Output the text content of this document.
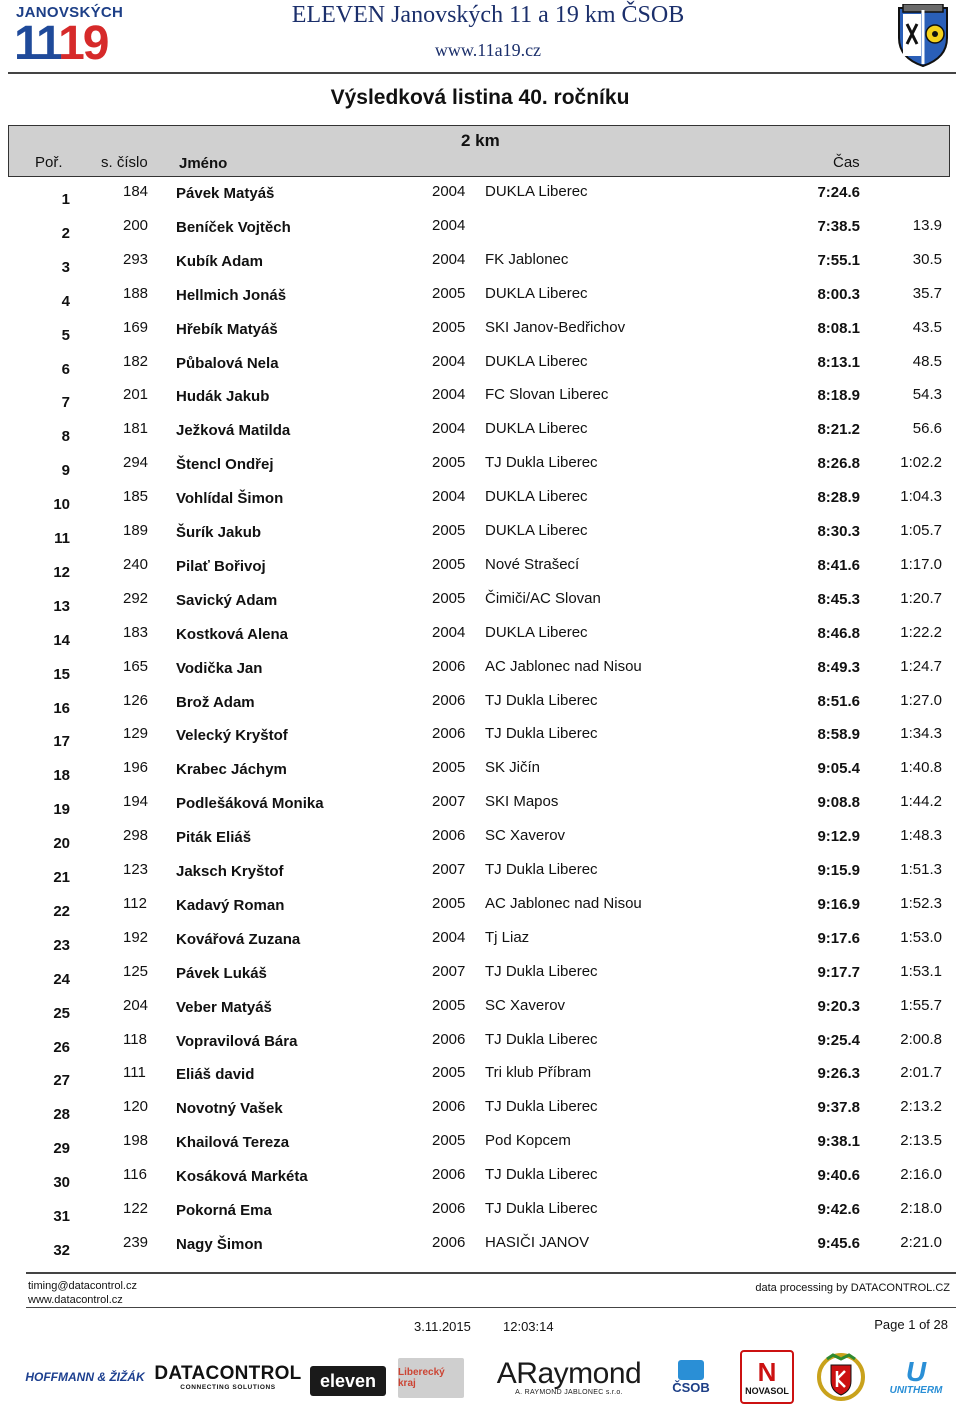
JANOVSKÝCH
1119
ELEVEN Janovských 11 a 19 km ČSOB
www.11a19.cz
Výsledková listina 40. ročníku
2 km
Poř.	s. číslo Jméno	Čas
1	184 Pávek Matyáš	2004 DUKLA Liberec	7:24.6
2	200 Beníček Vojtěch	2004	7:38.5	13.9
3	293 Kubík Adam	2004 FK Jablonec	7:55.1	30.5
4	188 Hellmich Jonáš	2005 DUKLA Liberec	8:00.3	35.7
5	169 Hřebík Matyáš	2005 SKI Janov-Bedřichov	8:08.1	43.5
6	182 Půbalová Nela	2004 DUKLA Liberec	8:13.1	48.5
7	201 Hudák Jakub	2004 FC Slovan Liberec	8:18.9	54.3
8	181 Ježková Matilda	2004 DUKLA Liberec	8:21.2	56.6
9	294 Štencl Ondřej	2005 TJ Dukla Liberec	8:26.8	1:02.2
10	185 Vohlídal Šimon	2004 DUKLA Liberec	8:28.9	1:04.3
11	189 Šurík Jakub	2005 DUKLA Liberec	8:30.3	1:05.7
12	240 Pilať Bořivoj	2005 Nové Strašecí	8:41.6	1:17.0
13	292 Savický Adam	2005 Čimiči/AC Slovan	8:45.3	1:20.7
14	183 Kostková Alena	2004 DUKLA Liberec	8:46.8	1:22.2
15	165 Vodička Jan	2006 AC Jablonec nad Nisou	8:49.3	1:24.7
16	126 Brož Adam	2006 TJ Dukla Liberec	8:51.6	1:27.0
17	129 Velecký Kryštof	2006 TJ Dukla Liberec	8:58.9	1:34.3
18	196 Krabec Jáchym	2005 SK Jičín	9:05.4	1:40.8
19	194 Podlešáková Monika	2007 SKI Mapos	9:08.8	1:44.2
20	298 Piták Eliáš	2006 SC Xaverov	9:12.9	1:48.3
21	123 Jaksch Kryštof	2007 TJ Dukla Liberec	9:15.9	1:51.3
22	112 Kadavý Roman	2005 AC Jablonec nad Nisou	9:16.9	1:52.3
23	192 Kovářová Zuzana	2004 Tj Liaz	9:17.6	1:53.0
24	125 Pávek Lukáš	2007 TJ Dukla Liberec	9:17.7	1:53.1
25	204 Veber Matyáš	2005 SC Xaverov	9:20.3	1:55.7
26	118 Vopravilová Bára	2006 TJ Dukla Liberec	9:25.4	2:00.8
27	111 Eliáš david	2005 Tri klub Příbram	9:26.3	2:01.7
28	120 Novotný Vašek	2006 TJ Dukla Liberec	9:37.8	2:13.2
29	198 Khailová Tereza	2005 Pod Kopcem	9:38.1	2:13.5
30	116 Kosáková Markéta	2006 TJ Dukla Liberec	9:40.6	2:16.0
31	122 Pokorná Ema	2006 TJ Dukla Liberec	9:42.6	2:18.0
32	239 Nagy Šimon	2006 HASIČI JANOV	9:45.6	2:21.0
timing@datacontrol.cz
www.datacontrol.cz
data processing by DATACONTROL.CZ
3.11.2015 12:03:14	Page 1 of 28
HOFFMANN & ŽIŽÁK DATACONTROL
CONNECTING SOLUTIONS eleven Liberecký kraj	ARaymond
A. RAYMOND JABLONEC s.r.o.	ČSOB N
NOVASOL
U
UNITHERM
